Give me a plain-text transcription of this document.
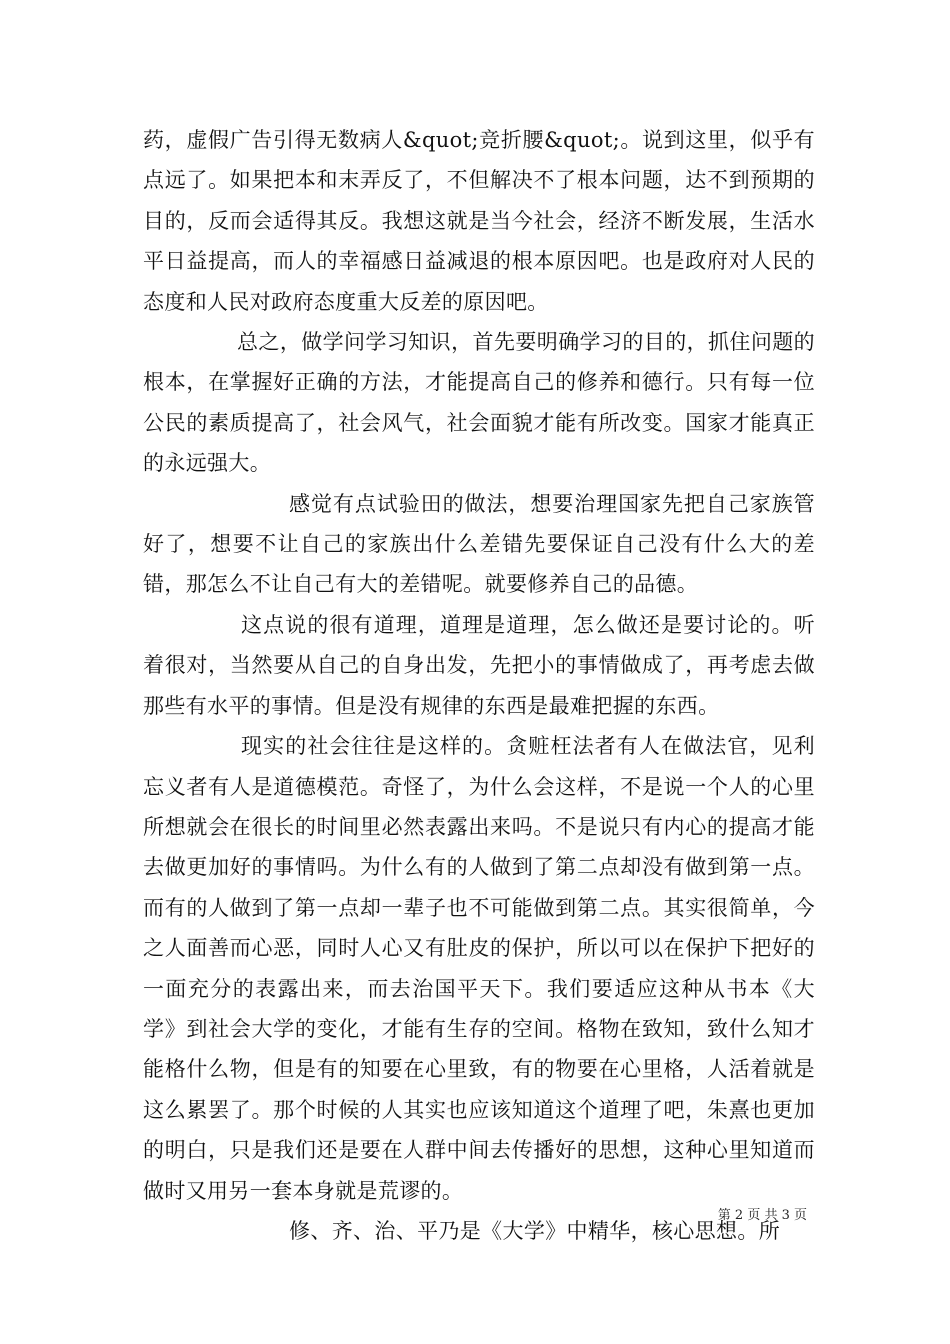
药，虚假广告引得无数病人&quot;竞折腰&quot;。说到这里，似乎有点远了。如果把本和末弄反了，不但解决不了根本问题，达不到预期的目的，反而会适得其反。我想这就是当今社会，经济不断发展，生活水平日益提高，而人的幸福感日益减退的根本原因吧。也是政府对人民的态度和人民对政府态度重大反差的原因吧。

总之，做学问学习知识，首先要明确学习的目的，抓住问题的根本，在掌握好正确的方法，才能提高自己的修养和德行。只有每一位公民的素质提高了，社会风气，社会面貌才能有所改变。国家才能真正的永远强大。

感觉有点试验田的做法，想要治理国家先把自己家族管好了，想要不让自己的家族出什么差错先要保证自己没有什么大的差错，那怎么不让自己有大的差错呢。就要修养自己的品德。

这点说的很有道理，道理是道理，怎么做还是要讨论的。听着很对，当然要从自己的自身出发，先把小的事情做成了，再考虑去做那些有水平的事情。但是没有规律的东西是最难把握的东西。

现实的社会往往是这样的。贪赃枉法者有人在做法官，见利忘义者有人是道德模范。奇怪了，为什么会这样，不是说一个人的心里所想就会在很长的时间里必然表露出来吗。不是说只有内心的提高才能去做更加好的事情吗。为什么有的人做到了第二点却没有做到第一点。而有的人做到了第一点却一辈子也不可能做到第二点。其实很简单，今之人面善而心恶，同时人心又有肚皮的保护，所以可以在保护下把好的一面充分的表露出来，而去治国平天下。我们要适应这种从书本《大学》到社会大学的变化，才能有生存的空间。格物在致知，致什么知才能格什么物，但是有的知要在心里致，有的物要在心里格，人活着就是这么累罢了。那个时候的人其实也应该知道这个道理了吧，朱熹也更加的明白，只是我们还是要在人群中间去传播好的思想，这种心里知道而做时又用另一套本身就是荒谬的。

修、齐、治、平乃是《大学》中精华，核心思想。所

第 2 页 共 3 页
